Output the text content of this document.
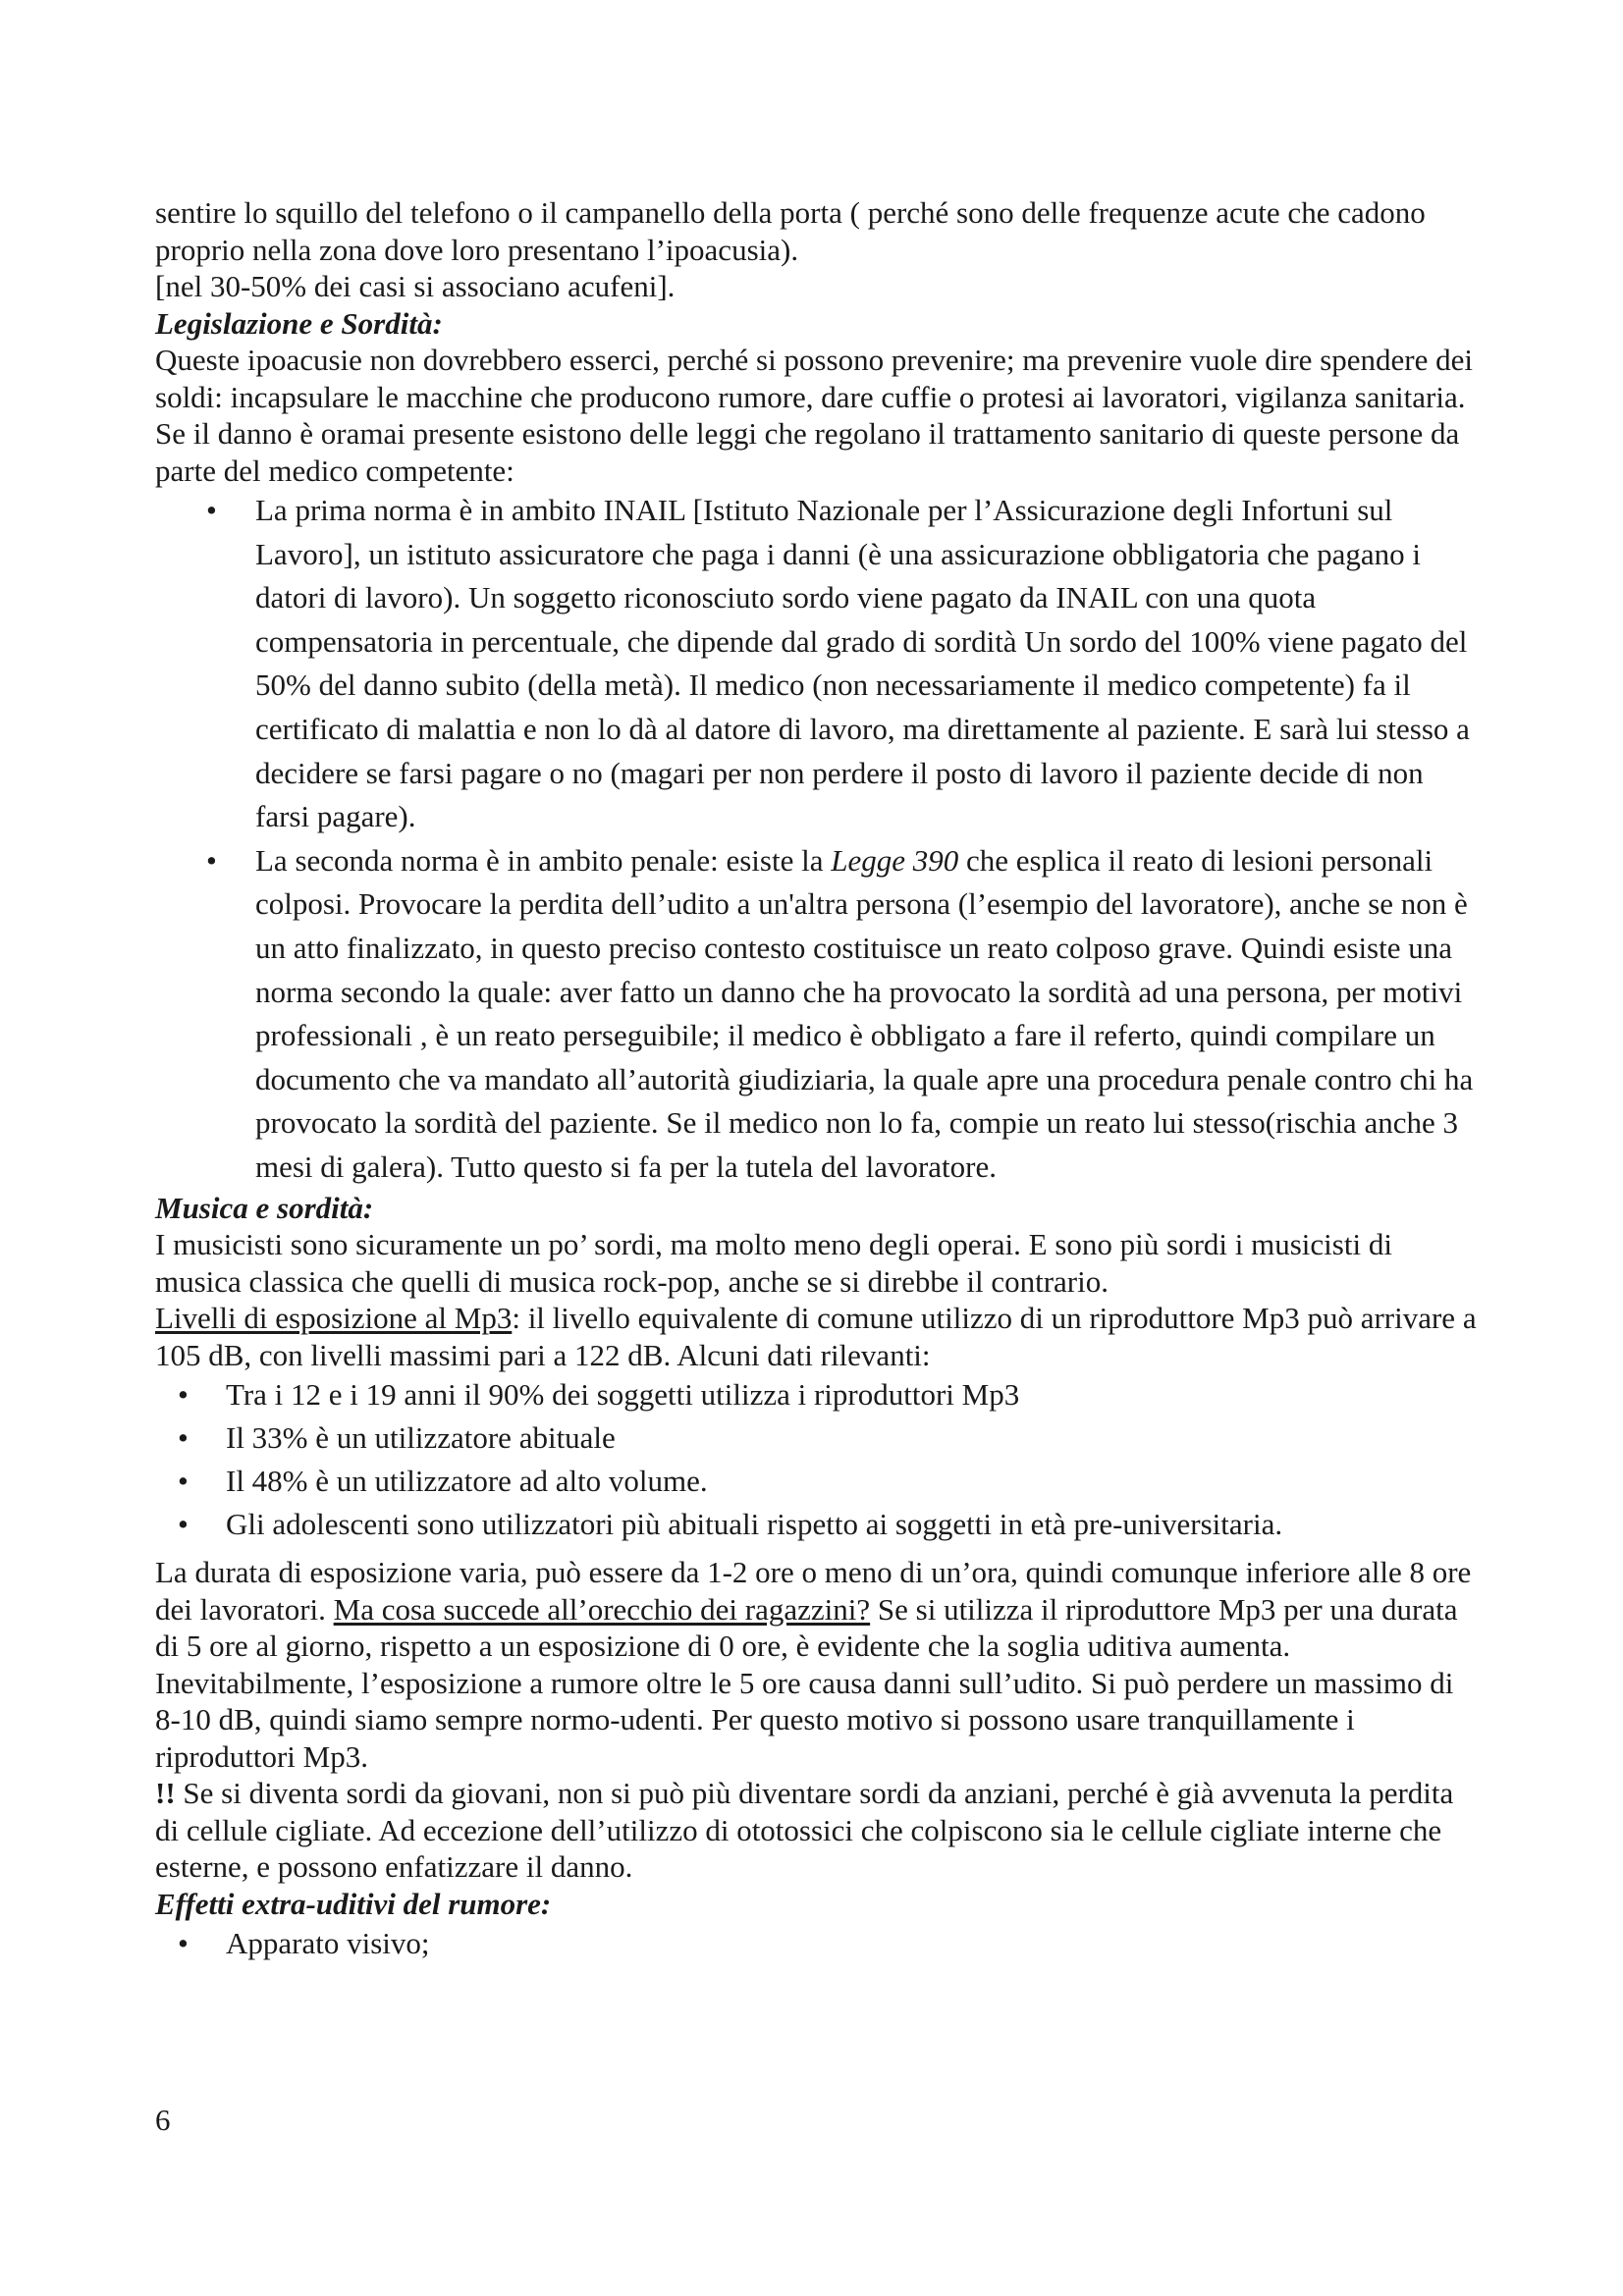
sentire lo squillo del telefono o il campanello della porta ( perché sono delle frequenze acute che cadono proprio nella zona dove loro presentano l’ipoacusia).

[nel 30-50% dei casi si associano acufeni].

Legislazione e Sordità:

Queste ipoacusie non dovrebbero esserci, perché si possono prevenire; ma prevenire vuole dire spendere dei soldi: incapsulare le macchine che producono rumore, dare cuffie o protesi ai lavoratori, vigilanza sanitaria.

Se il danno è oramai presente esistono delle leggi che regolano il trattamento sanitario di queste persone da parte del medico competente:

• La prima norma è in ambito INAIL [Istituto Nazionale per l’Assicurazione degli Infortuni sul Lavoro], un istituto assicuratore che paga i danni (è una assicurazione obbligatoria che pagano i datori di lavoro). Un soggetto riconosciuto sordo viene pagato da INAIL con una quota compensatoria in percentuale, che dipende dal grado di sordità Un sordo del 100% viene pagato del 50% del danno subito (della metà). Il medico (non necessariamente il medico competente) fa il certificato di malattia e non lo dà al datore di lavoro, ma direttamente al paziente. E sarà lui stesso a decidere se farsi pagare o no (magari per non perdere il posto di lavoro il paziente decide di non farsi pagare).
• La seconda norma è in ambito penale: esiste la Legge 390 che esplica il reato di lesioni personali colposi. Provocare la perdita dell’udito a un'altra persona (l’esempio del lavoratore), anche se non è un atto finalizzato, in questo preciso contesto costituisce un reato colposo grave. Quindi esiste una norma secondo la quale: aver fatto un danno che ha provocato la sordità ad una persona, per motivi professionali , è un reato perseguibile; il medico è obbligato a fare il referto, quindi compilare un documento che va mandato all’autorità giudiziaria, la quale apre una procedura penale contro chi ha provocato la sordità del paziente. Se il medico non lo fa, compie un reato lui stesso(rischia anche 3 mesi di galera). Tutto questo si fa per la tutela del lavoratore.

Musica e sordità:

I musicisti sono sicuramente un po’ sordi, ma molto meno degli operai. E sono più sordi i musicisti di musica classica che quelli di musica rock-pop, anche se si direbbe il contrario.

Livelli di esposizione al Mp3: il livello equivalente di comune utilizzo di un riproduttore Mp3 può arrivare a 105 dB, con livelli massimi pari a 122 dB. Alcuni dati rilevanti:

• Tra i 12 e i 19 anni il 90% dei soggetti utilizza i riproduttori Mp3
• Il 33% è un utilizzatore abituale
• Il 48% è un utilizzatore ad alto volume.
• Gli adolescenti sono utilizzatori più abituali rispetto ai soggetti in età pre-universitaria.

La durata di esposizione varia, può essere da 1-2 ore o meno di un’ora, quindi comunque inferiore alle 8 ore dei lavoratori. Ma cosa succede all’orecchio dei ragazzini? Se si utilizza il riproduttore Mp3 per una durata di 5 ore al giorno, rispetto a un esposizione di 0 ore, è evidente che la soglia uditiva aumenta. Inevitabilmente, l’esposizione a rumore oltre le 5 ore causa danni sull’udito. Si può perdere un massimo di 8-10 dB, quindi siamo sempre normo-udenti. Per questo motivo si possono usare tranquillamente i riproduttori Mp3.

!! Se si diventa sordi da giovani, non si può più diventare sordi da anziani, perché è già avvenuta la perdita di cellule cigliate. Ad eccezione dell’utilizzo di ototossici che colpiscono sia le cellule cigliate interne che esterne, e possono enfatizzare il danno.

Effetti extra-uditivi del rumore:

• Apparato visivo;
6
